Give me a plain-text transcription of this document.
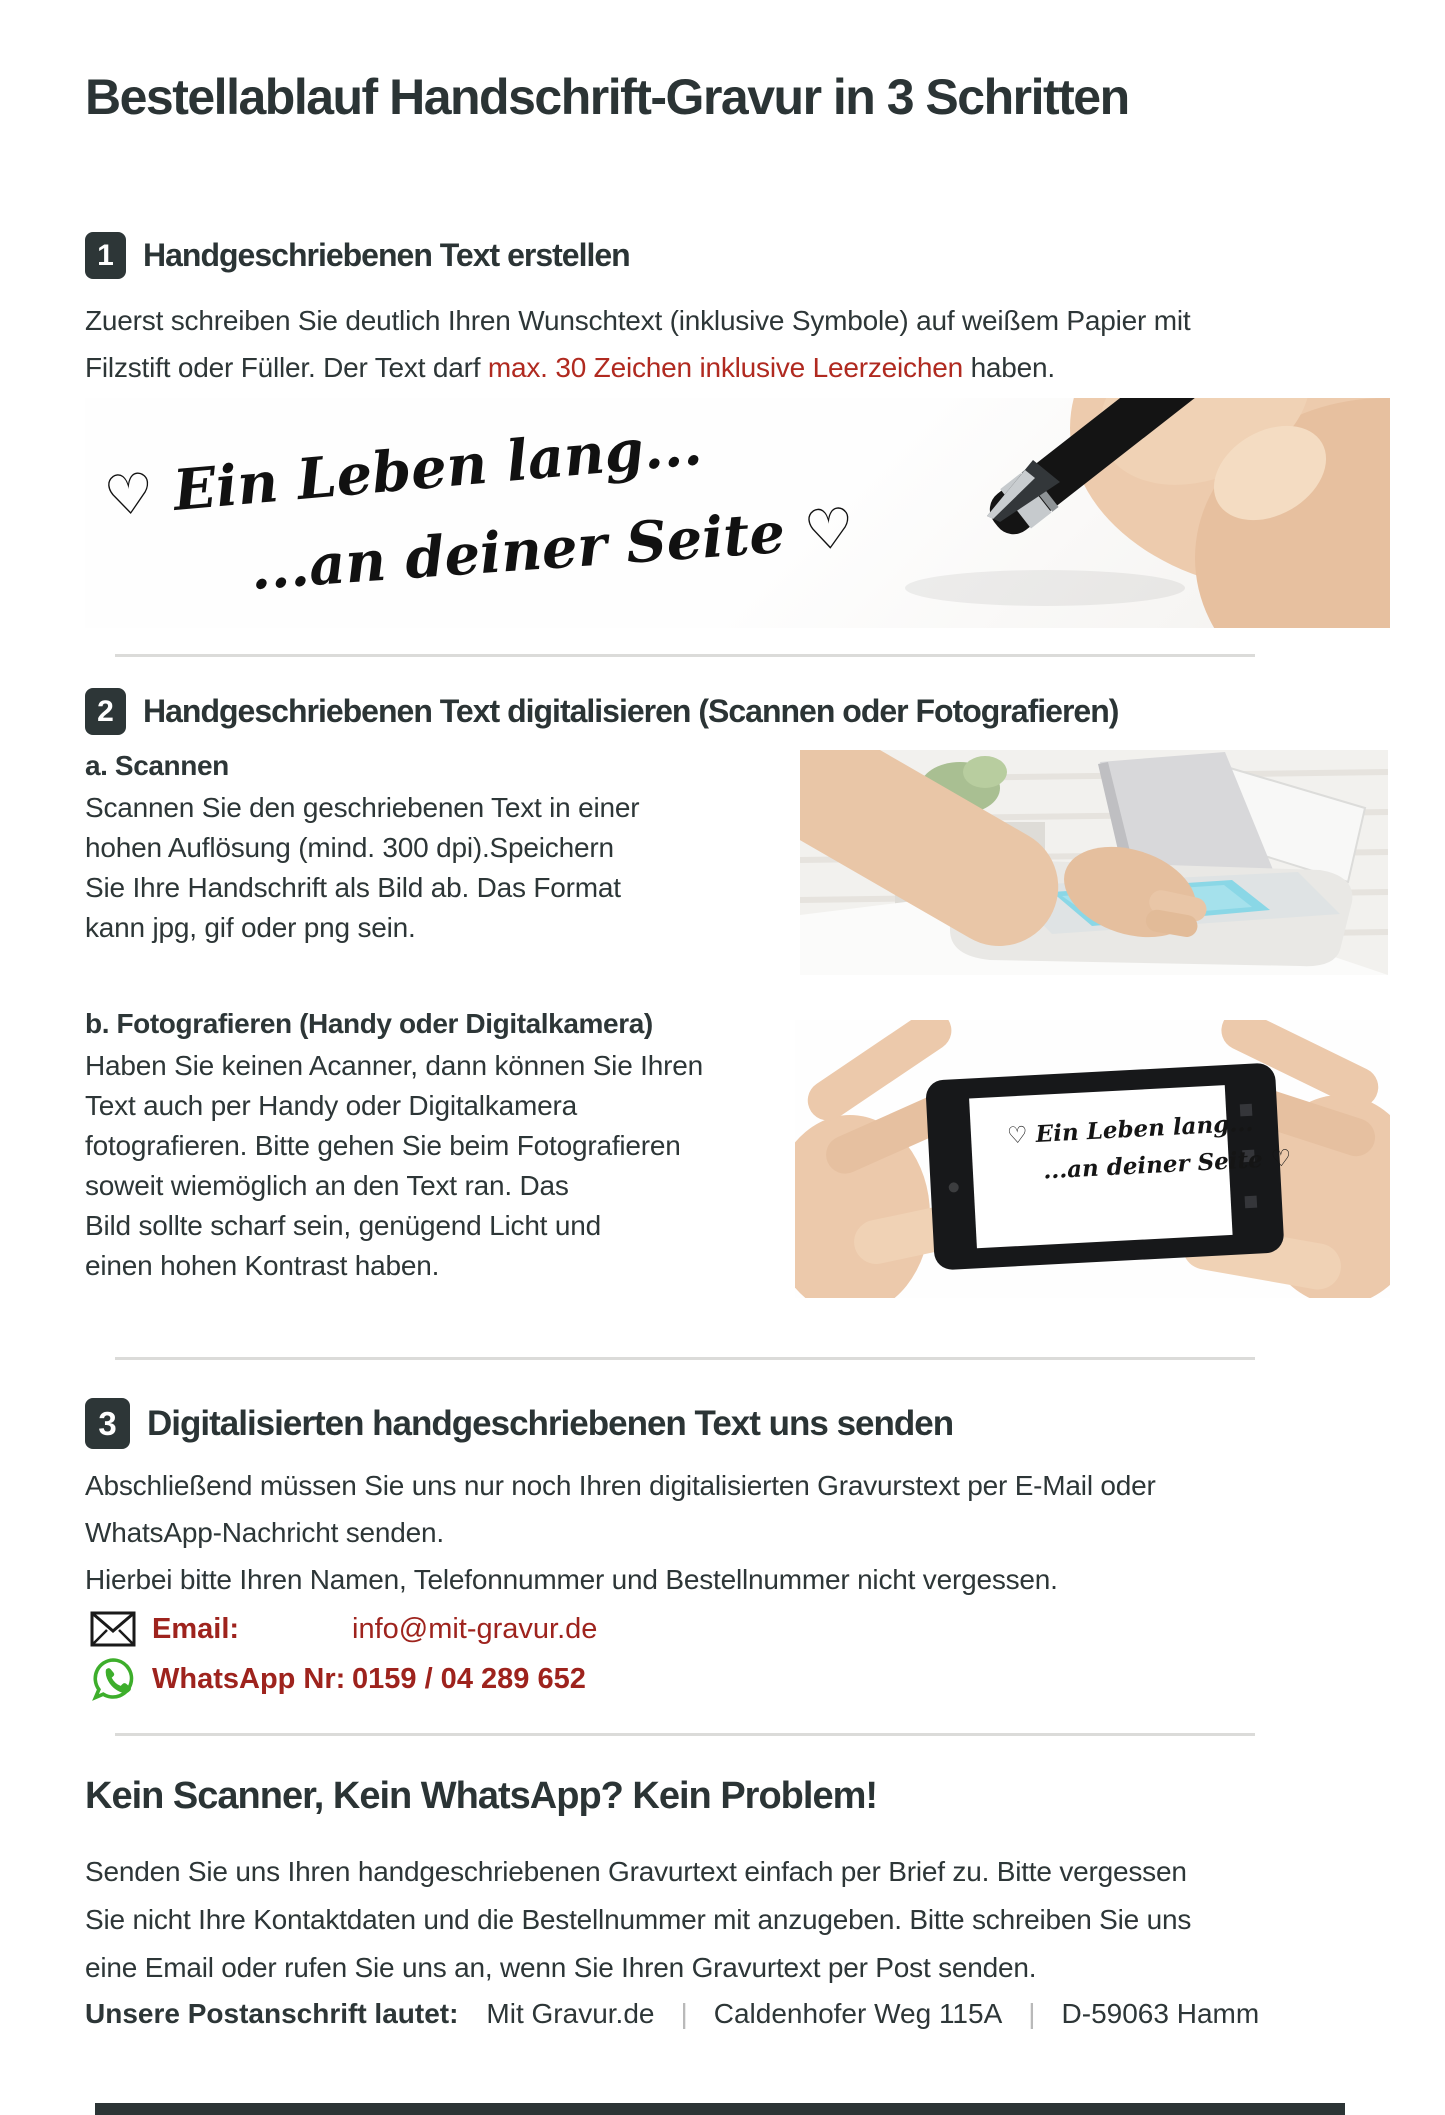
Bestellablauf Handschrift-Gravur in 3 Schritten
1 Handgeschriebenen Text erstellen
Zuerst schreiben Sie deutlich Ihren Wunschtext (inklusive Symbole) auf weißem Papier mit
Filzstift oder Füller. Der Text darf max. 30 Zeichen inklusive Leerzeichen haben.
♡ Ein Leben lang...
...an deiner Seite ♡
2 Handgeschriebenen Text digitalisieren (Scannen oder Fotografieren)
a. Scannen
Scannen Sie den geschriebenen Text in einer
hohen Auflösung (mind. 300 dpi).Speichern
Sie Ihre Handschrift als Bild ab. Das Format
kann jpg, gif oder png sein.
b. Fotografieren (Handy oder Digitalkamera)
Haben Sie keinen Acanner, dann können Sie Ihren
Text auch per Handy oder Digitalkamera
fotografieren. Bitte gehen Sie beim Fotografieren
soweit wiemöglich an den Text ran. Das
Bild sollte scharf sein, genügend Licht und
einen hohen Kontrast haben.
♡ Ein Leben lang...
...an deiner Seite ♡
3 Digitalisierten handgeschriebenen Text uns senden
Abschließend müssen Sie uns nur noch Ihren digitalisierten Gravurstext per E-Mail oder
WhatsApp-Nachricht senden.
Hierbei bitte Ihren Namen, Telefonnummer und Bestellnummer nicht vergessen.
Email:	info@mit-gravur.de
WhatsApp Nr: 0159 / 04 289 652
Kein Scanner, Kein WhatsApp? Kein Problem!
Senden Sie uns Ihren handgeschriebenen Gravurtext einfach per Brief zu. Bitte vergessen
Sie nicht Ihre Kontaktdaten und die Bestellnummer mit anzugeben. Bitte schreiben Sie uns
eine Email oder rufen Sie uns an, wenn Sie Ihren Gravurtext per Post senden.
Unsere Postanschrift lautet: Mit Gravur.de | Caldenhofer Weg 115A | D-59063 Hamm
